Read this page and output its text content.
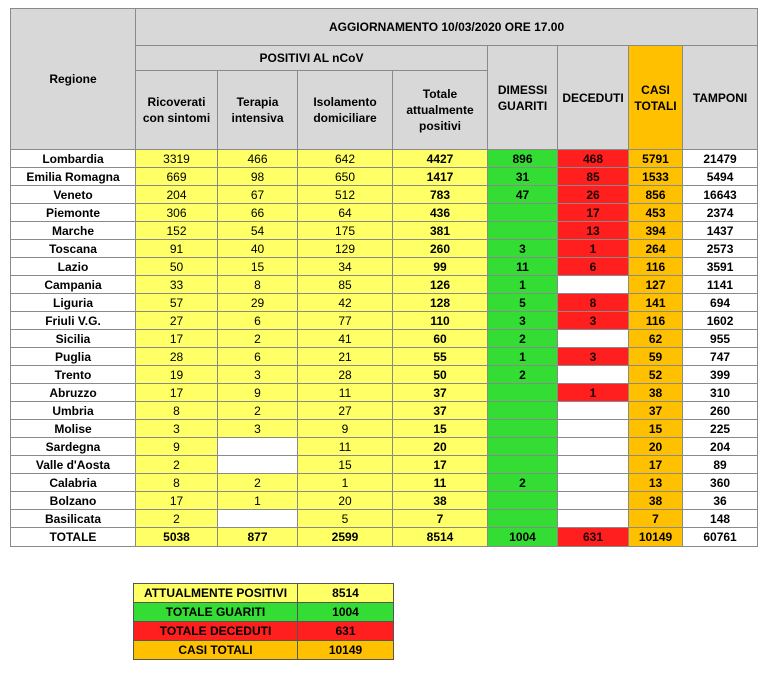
Regione	AGGIORNAMENTO 10/03/2020 ORE 17.00							
	POSITIVI AL nCoV				DIMESSI GUARITI	DECEDUTI	CASI TOTALI	TAMPONI
	Ricoverati con sintomi	Terapia intensiva	Isolamento domiciliare	Totale attualmente positivi				
Lombardia	3319	466	642	4427	896	468	5791	21479
Emilia Romagna	669	98	650	1417	31	85	1533	5494
Veneto	204	67	512	783	47	26	856	16643
Piemonte	306	66	64	436		17	453	2374
Marche	152	54	175	381		13	394	1437
Toscana	91	40	129	260	3	1	264	2573
Lazio	50	15	34	99	11	6	116	3591
Campania	33	8	85	126	1		127	1141
Liguria	57	29	42	128	5	8	141	694
Friuli V.G.	27	6	77	110	3	3	116	1602
Sicilia	17	2	41	60	2		62	955
Puglia	28	6	21	55	1	3	59	747
Trento	19	3	28	50	2		52	399
Abruzzo	17	9	11	37		1	38	310
Umbria	8	2	27	37			37	260
Molise	3	3	9	15			15	225
Sardegna	9		11	20			20	204
Valle d'Aosta	2		15	17			17	89
Calabria	8	2	1	11	2		13	360
Bolzano	17	1	20	38			38	36
Basilicata	2		5	7			7	148
TOTALE	5038	877	2599	8514	1004	631	10149	60761
ATTUALMENTE POSITIVI	8514
TOTALE GUARITI	1004
TOTALE DECEDUTI	631
CASI TOTALI	10149
